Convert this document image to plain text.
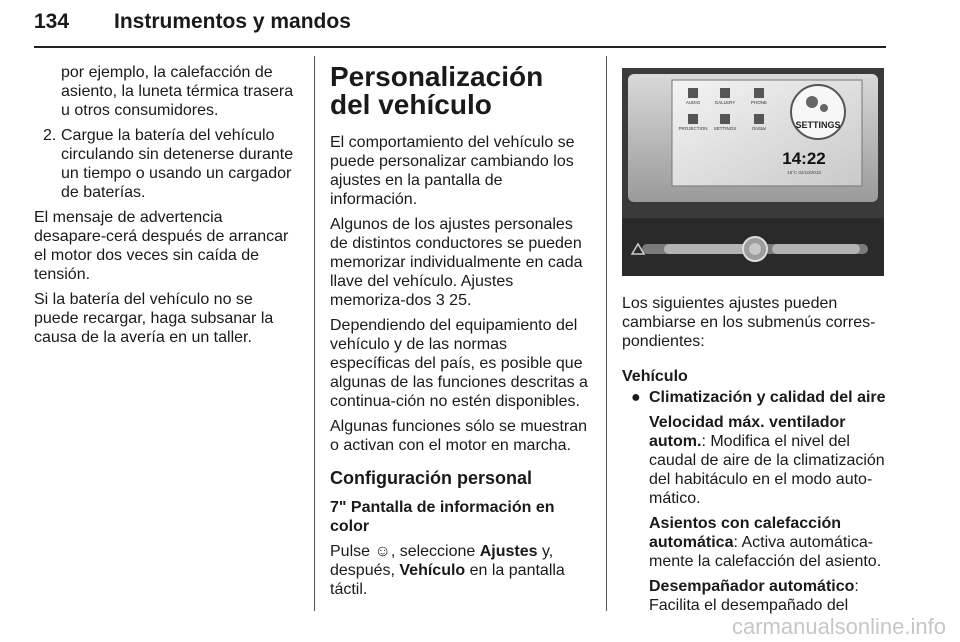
134 Instrumentos y mandos

por ejemplo, la calefacción de asiento, la luneta térmica trasera u otros consumidores.

2. Cargue la batería del vehículo circulando sin detenerse durante un tiempo o usando un cargador de baterías.

El mensaje de advertencia desapare‐cerá después de arrancar el motor dos veces sin caída de tensión.

Si la batería del vehículo no se puede recargar, haga subsanar la causa de la avería en un taller.

Personalización del vehículo

El comportamiento del vehículo se puede personalizar cambiando los ajustes en la pantalla de información.

Algunos de los ajustes personales de distintos conductores se pueden memorizar individualmente en cada llave del vehículo. Ajustes memoriza‐dos 3 25.

Dependiendo del equipamiento del vehículo y de las normas específicas del país, es posible que algunas de las funciones descritas a continua‐ción no estén disponibles.

Algunas funciones sólo se muestran o activan con el motor en marcha.

Configuración personal

7" Pantalla de información en color

Pulse ☺, seleccione Ajustes y, después, Vehículo en la pantalla táctil.

AUDIO	GALLERY	PHONE
PROJECTION SETTINGS	OnStar	SETTINGS
14:22
18°C 02/10/2015

Los siguientes ajustes pueden cambiarse en los submenús corres‐pondientes:

Vehículo

● Climatización y calidad del aire

Velocidad máx. ventilador autom.: Modifica el nivel del caudal de aire de la climatización del habitáculo en el modo auto‐mático.

Asientos con calefacción automática: Activa automática‐mente la calefacción del asiento.

Desempañador automático: Facilita el desempañado del

carmanualsonline.info
